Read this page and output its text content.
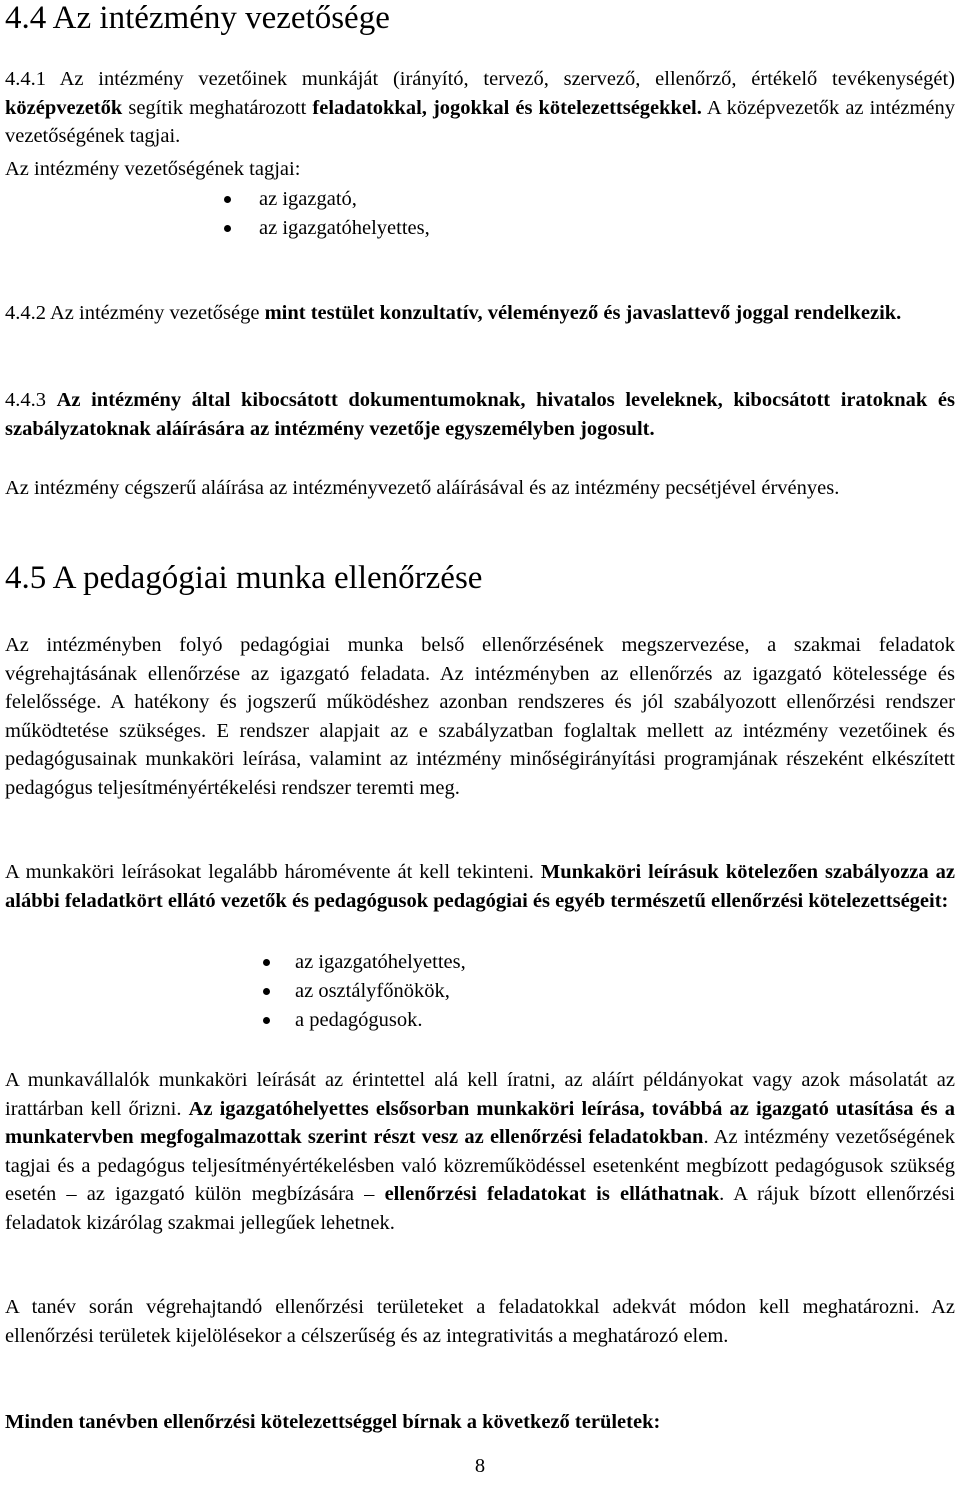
4.4 Az intézmény vezetősége

4.4.1 Az intézmény vezetőinek munkáját (irányító, tervező, szervező, ellenőrző, értékelő tevékenységét) középvezetők segítik meghatározott feladatokkal, jogokkal és kötelezettségekkel. A középvezetők az intézmény vezetőségének tagjai.

Az intézmény vezetőségének tagjai:

az igazgató,
az igazgatóhelyettes,

4.4.2 Az intézmény vezetősége mint testület konzultatív, véleményező és javaslattevő joggal rendelkezik.

4.4.3 Az intézmény által kibocsátott dokumentumoknak, hivatalos leveleknek, kibocsátott iratoknak és szabályzatoknak aláírására az intézmény vezetője egyszemélyben jogosult.

Az intézmény cégszerű aláírása az intézményvezető aláírásával és az intézmény pecsétjével érvényes.

4.5 A pedagógiai munka ellenőrzése

Az intézményben folyó pedagógiai munka belső ellenőrzésének megszervezése, a szakmai feladatok végrehajtásának ellenőrzése az igazgató feladata. Az intézményben az ellenőrzés az igazgató kötelessége és felelőssége. A hatékony és jogszerű működéshez azonban rendszeres és jól szabályozott ellenőrzési rendszer működtetése szükséges. E rendszer alapjait az e szabályzatban foglaltak mellett az intézmény vezetőinek és pedagógusainak munkaköri leírása, valamint az intézmény minőségirányítási programjának részeként elkészített pedagógus teljesítményértékelési rendszer teremti meg.

A munkaköri leírásokat legalább háromévente át kell tekinteni. Munkaköri leírásuk kötelezően szabályozza az alábbi feladatkört ellátó vezetők és pedagógusok pedagógiai és egyéb természetű ellenőrzési kötelezettségeit:

az igazgatóhelyettes,
az osztályfőnökök,
a pedagógusok.

A munkavállalók munkaköri leírását az érintettel alá kell íratni, az aláírt példányokat vagy azok másolatát az irattárban kell őrizni. Az igazgatóhelyettes elsősorban munkaköri leírása, továbbá az igazgató utasítása és a munkatervben megfogalmazottak szerint részt vesz az ellenőrzési feladatokban. Az intézmény vezetőségének tagjai és a pedagógus teljesítményértékelésben való közreműködéssel esetenként megbízott pedagógusok szükség esetén – az igazgató külön megbízására – ellenőrzési feladatokat is elláthatnak. A rájuk bízott ellenőrzési feladatok kizárólag szakmai jellegűek lehetnek.

A tanév során végrehajtandó ellenőrzési területeket a feladatokkal adekvát módon kell meghatározni. Az ellenőrzési területek kijelölésekor a célszerűség és az integrativitás a meghatározó elem.

Minden tanévben ellenőrzési kötelezettséggel bírnak a következő területek:

8
